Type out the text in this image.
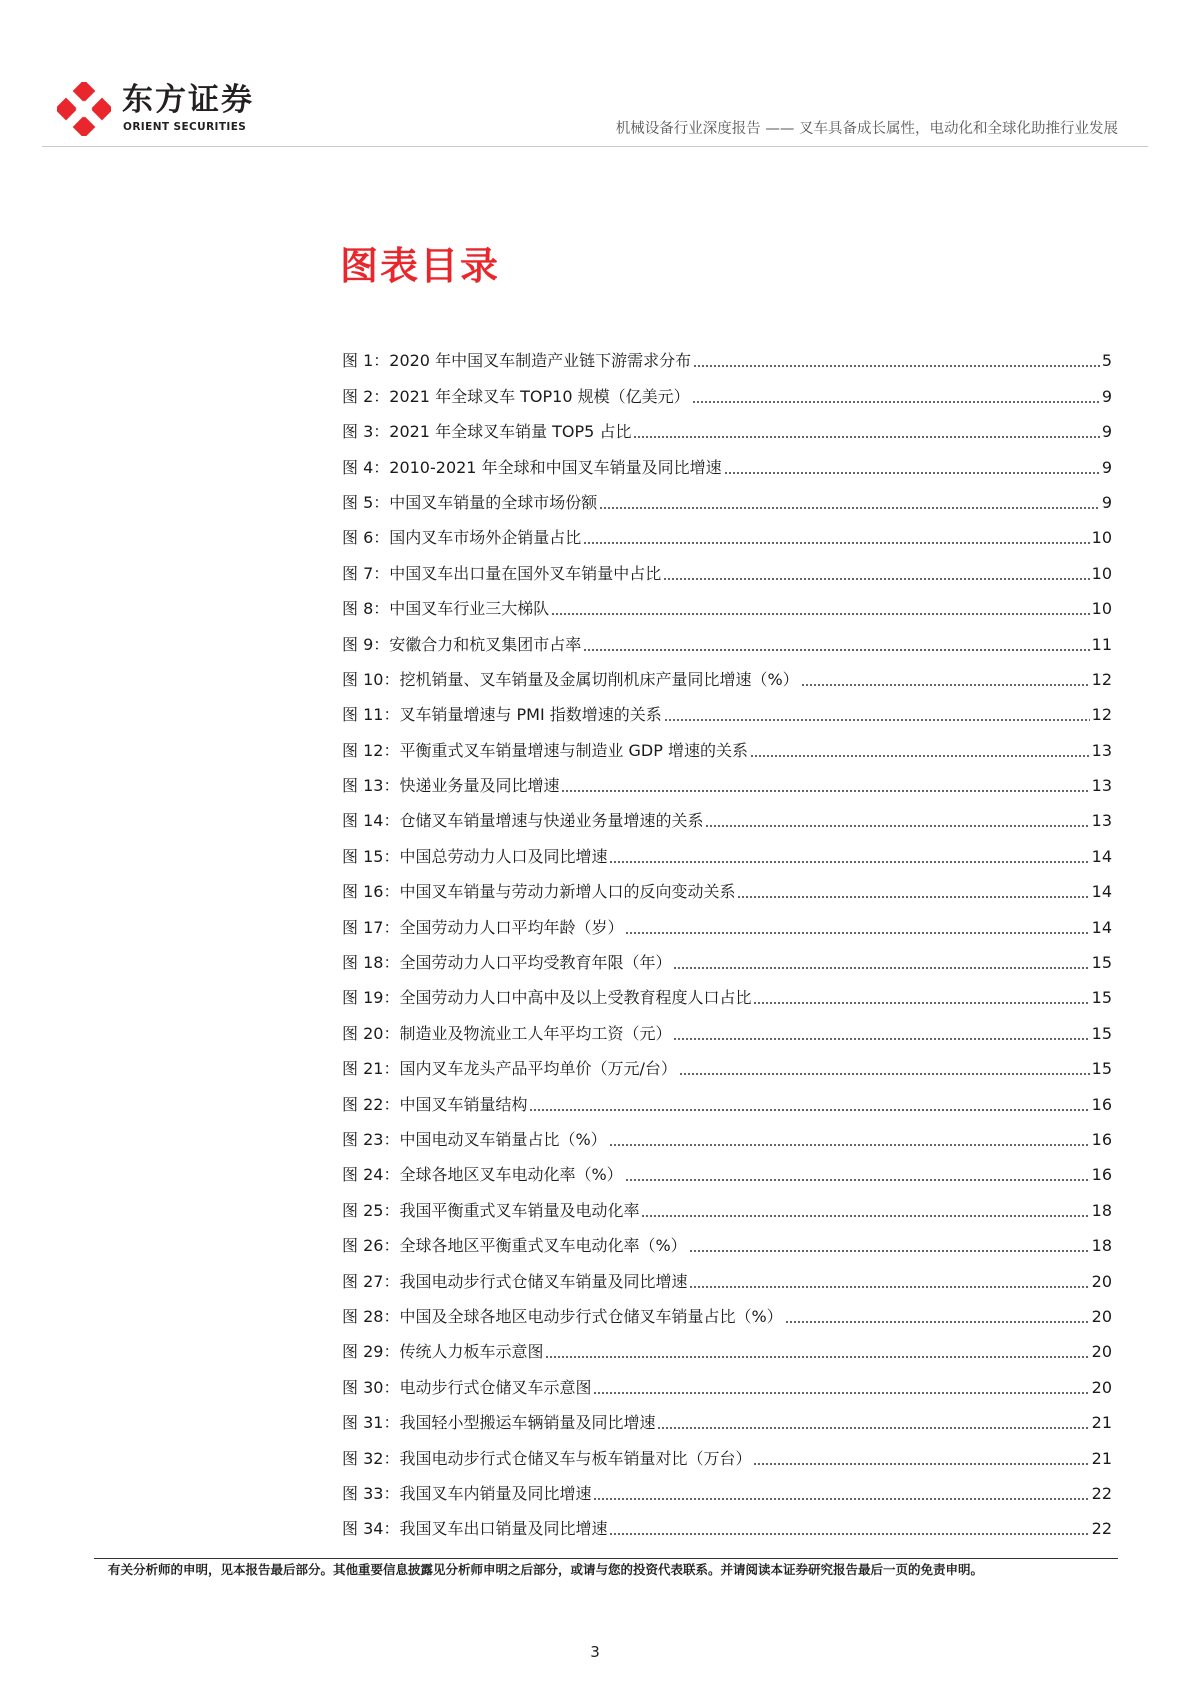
东方证券
ORIENT SECURITIES	机械设备行业深度报告 —— 叉车具备成长属性，电动化和全球化助推行业发展
图表目录
图 1：2020 年中国叉车制造产业链下游需求分布	5
图 2：2021 年全球叉车 TOP10 规模（亿美元）	9
图 3：2021 年全球叉车销量 TOP5 占比	9
图 4：2010-2021 年全球和中国叉车销量及同比增速	9
图 5：中国叉车销量的全球市场份额	9
图 6：国内叉车市场外企销量占比	10
图 7：中国叉车出口量在国外叉车销量中占比	10
图 8：中国叉车行业三大梯队	10
图 9：安徽合力和杭叉集团市占率	11
图 10：挖机销量、叉车销量及金属切削机床产量同比增速（%）	12
图 11：叉车销量增速与 PMI 指数增速的关系	12
图 12：平衡重式叉车销量增速与制造业 GDP 增速的关系	13
图 13：快递业务量及同比增速	13
图 14：仓储叉车销量增速与快递业务量增速的关系	13
图 15：中国总劳动力人口及同比增速	14
图 16：中国叉车销量与劳动力新增人口的反向变动关系	14
图 17：全国劳动力人口平均年龄（岁）	14
图 18：全国劳动力人口平均受教育年限（年）	15
图 19：全国劳动力人口中高中及以上受教育程度人口占比	15
图 20：制造业及物流业工人年平均工资（元）	15
图 21：国内叉车龙头产品平均单价（万元/台）	15
图 22：中国叉车销量结构	16
图 23：中国电动叉车销量占比（%）	16
图 24：全球各地区叉车电动化率（%）	16
图 25：我国平衡重式叉车销量及电动化率	18
图 26：全球各地区平衡重式叉车电动化率（%）	18
图 27：我国电动步行式仓储叉车销量及同比增速	20
图 28：中国及全球各地区电动步行式仓储叉车销量占比（%）	20
图 29：传统人力板车示意图	20
图 30：电动步行式仓储叉车示意图	20
图 31：我国轻小型搬运车辆销量及同比增速	21
图 32：我国电动步行式仓储叉车与板车销量对比（万台）	21
图 33：我国叉车内销量及同比增速	22
图 34：我国叉车出口销量及同比增速	22
有关分析师的申明，见本报告最后部分。其他重要信息披露见分析师申明之后部分，或请与您的投资代表联系。并请阅读本证券研究报告最后一页的免责申明。
3
